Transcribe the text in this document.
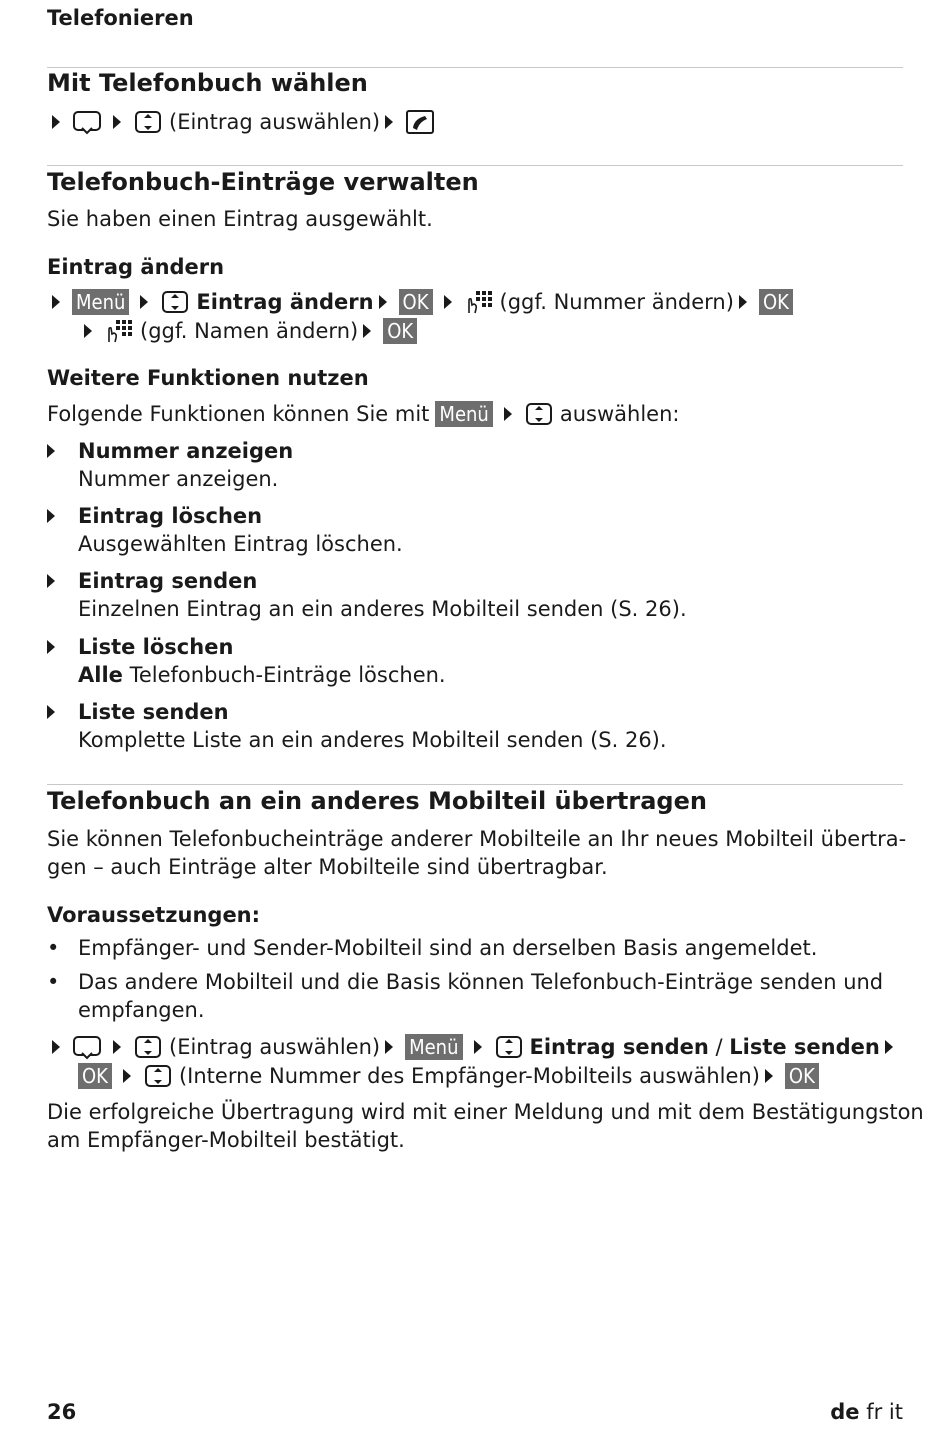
Telefonieren
Mit Telefonbuch wählen
(Eintrag auswählen)
Telefonbuch-Einträge verwalten
Sie haben einen Eintrag ausgewählt.
Eintrag ändern
Menü	Eintrag ändern OK	(ggf. Nummer ändern) OK
(ggf. Namen ändern) OK
Weitere Funktionen nutzen
Folgende Funktionen können Sie mit Menü	auswählen:
Nummer anzeigen
Nummer anzeigen.
Eintrag löschen
Ausgewählten Eintrag löschen.
Eintrag senden
Einzelnen Eintrag an ein anderes Mobilteil senden (S. 26).
Liste löschen
Alle Telefonbuch-Einträge löschen.
Liste senden
Komplette Liste an ein anderes Mobilteil senden (S. 26).
Telefonbuch an ein anderes Mobilteil übertragen
Sie können Telefonbucheinträge anderer Mobilteile an Ihr neues Mobilteil übertra-
gen – auch Einträge alter Mobilteile sind übertragbar.
Voraussetzungen:
• Empfänger- und Sender-Mobilteil sind an derselben Basis angemeldet.
• Das andere Mobilteil und die Basis können Telefonbuch-Einträge senden und empfangen.
(Eintrag auswählen) Menü	Eintrag senden / Liste senden
OK	(Interne Nummer des Empfänger-Mobilteils auswählen) OK
Die erfolgreiche Übertragung wird mit einer Meldung und mit dem Bestätigungston
am Empfänger-Mobilteil bestätigt.
26	de fr it
